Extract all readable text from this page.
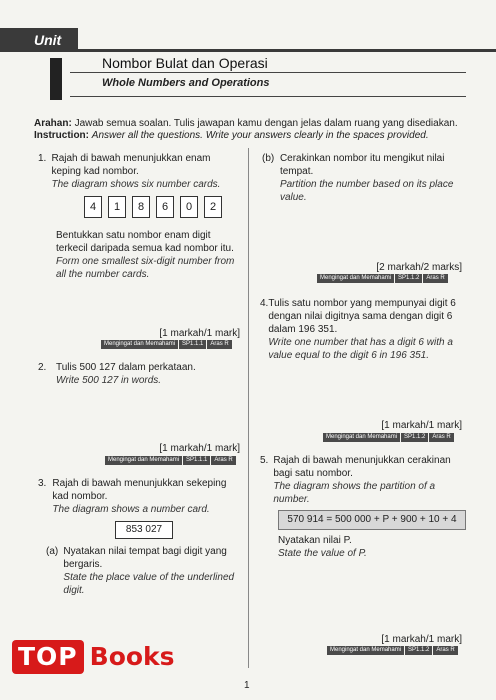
Unit
Nombor Bulat dan Operasi
Whole Numbers and Operations
Arahan: Jawab semua soalan. Tulis jawapan kamu dengan jelas dalam ruang yang disediakan.
Instruction: Answer all the questions. Write your answers clearly in the spaces provided.
1. Rajah di bawah menunjukkan enam keping kad nombor.
The diagram shows six number cards.
4	1	8	6	0	2
Bentukkan satu nombor enam digit terkecil daripada semua kad nombor itu.
Form one smallest six-digit number from all the number cards.
[1 markah/1 mark]
Mengingat dan Memahami	SP1.1.1	Aras R
2. Tulis 500 127 dalam perkataan.
Write 500 127 in words.
[1 markah/1 mark]
Mengingat dan Memahami	SP1.1.1	Aras R
3. Rajah di bawah menunjukkan sekeping kad nombor.
The diagram shows a number card.
853 027
(a) Nyatakan nilai tempat bagi digit yang bergaris.
State the place value of the underlined digit.
(b) Cerakinkan nombor itu mengikut nilai tempat.
Partition the number based on its place value.
[2 markah/2 marks]
Mengingat dan Memahami	SP1.1.2	Aras R
4. Tulis satu nombor yang mempunyai digit 6 dengan nilai digitnya sama dengan digit 6 dalam 196 351.
Write one number that has a digit 6 with a value equal to the digit 6 in 196 351.
[1 markah/1 mark]
Mengingat dan Memahami	SP1.1.2	Aras R
5. Rajah di bawah menunjukkan cerakinan bagi satu nombor.
The diagram shows the partition of a number.
570 914 = 500 000 + P + 900 + 10 + 4
Nyatakan nilai P.
State the value of P.
[1 markah/1 mark]
Mengingat dan Memahami	SP1.1.2	Aras R
TOP Books
1
